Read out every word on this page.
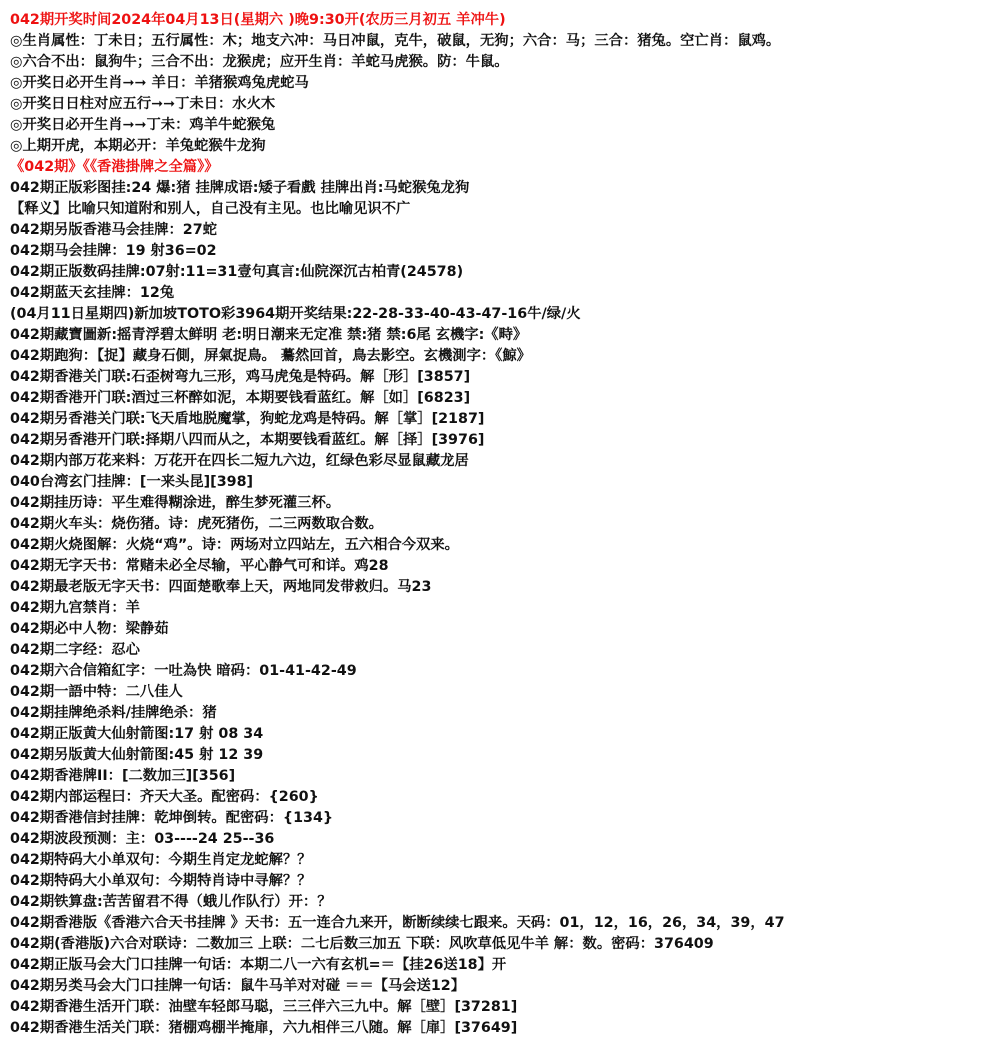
042期开奖时间2024年04月13日(星期六 )晚9:30开(农历三月初五 羊冲牛)
◎生肖属性：丁未日；五行属性：木；地支六冲：马日冲鼠，克牛，破鼠，无狗；六合：马；三合：猪兔。空亡肖：鼠鸡。
◎六合不出：鼠狗牛；三合不出：龙猴虎；应开生肖：羊蛇马虎猴。防：牛鼠。
◎开奖日必开生肖➞➞ 羊日：羊猪猴鸡兔虎蛇马
◎开奖日日柱对应五行➞➞丁未日：水火木
◎开奖日必开生肖➞➞丁未：鸡羊牛蛇猴兔
◎上期开虎，本期必开：羊兔蛇猴牛龙狗
《042期》《《香港掛牌之全篇》》
042期正版彩图挂:24 爆:猪 挂牌成语:矮子看戲 挂牌出肖:马蛇猴兔龙狗
【释义】比喻只知道附和别人，自己没有主见。也比喻见识不广
042期另版香港马会挂牌：27蛇
042期马会挂牌：19 射36=02
042期正版数码挂牌:07射:11=31壹句真言:仙院深沉古柏青(24578)
042期蓝天玄挂牌：12兔
(04月11日星期四)新加坡TOTO彩3964期开奖结果:22-28-33-40-43-47-16牛/绿/火
042期藏寶圖新:摇青浮碧太鲜明 老:明日潮来无定准 禁:猪 禁:6尾 玄機字:《畤》
042期跑狗：【捉】藏身石側，屏氣捉鳥。 驀然回首，鳥去影空。玄機測字：《鯨》
042期香港关门联:石歪树弯九三形，鸡马虎兔是特码。解［形］[3857]
042期香港开门联:酒过三杯醉如泥，本期要钱看蓝红。解［如］[6823]
042期另香港关门联:飞天盾地脱魔掌，狗蛇龙鸡是特码。解［掌］[2187]
042期另香港开门联:择期八四而从之，本期要钱看蓝红。解［择］[3976]
042期内部万花来料：万花开在四长二短九六边，红绿色彩尽显鼠藏龙居
040台湾玄门挂牌：[一来头昆][398]
042期挂历诗：平生难得糊涂进，醉生梦死灌三杯。
042期火车头：烧伤猪。诗：虎死猪伤，二三两数取合数。
042期火烧图解：火烧“鸡”。诗：两场对立四站左，五六相合今双来。
042期无字天书：常赌未必全尽输，平心静气可和详。鸡28
042期最老版无字天书：四面楚歌奉上天，两地同发带救归。马23
042期九宫禁肖：羊
042期必中人物：梁静茹
042期二字经：忍心
042期六合信箱紅字：一吐為快 暗码：01-41-42-49
042期一語中特：二八佳人
042期挂牌绝杀料/挂牌绝杀：猪
042期正版黄大仙射箭图:17 射 08 34
042期另版黄大仙射箭图:45 射 12 39
042期香港牌II：[二数加三][356]
042期内部运程曰：齐天大圣。配密码：{260}
042期香港信封挂牌：乾坤倒转。配密码：{134}
042期波段预测：主：03----24 25--36
042期特码大小单双句：今期生肖定龙蛇解？？
042期特码大小单双句：今期特肖诗中寻解？？
042期铁算盘:苦苦留君不得（蛾儿作队行）开：？
042期香港版《香港六合天书挂牌 》天书：五一连合九来开，断断续续七跟来。天码：01，12，16，26，34，39，47
042期(香港版)六合对联诗：二数加三 上联：二七后数三加五 下联：风吹草低见牛羊 解：数。密码：376409
042期正版马会大门口挂牌一句话：本期二八一六有玄机=＝【挂26送18】开
042期另类马会大门口挂牌一句话：鼠牛马羊对对碰 ＝＝【马会送12】
042期香港生活开门联：油壁车轻郎马聪，三三伴六三九中。解［壁］[37281]
042期香港生活关门联：猪棚鸡棚半掩扉，六九相伴三八随。解［扉］[37649]
